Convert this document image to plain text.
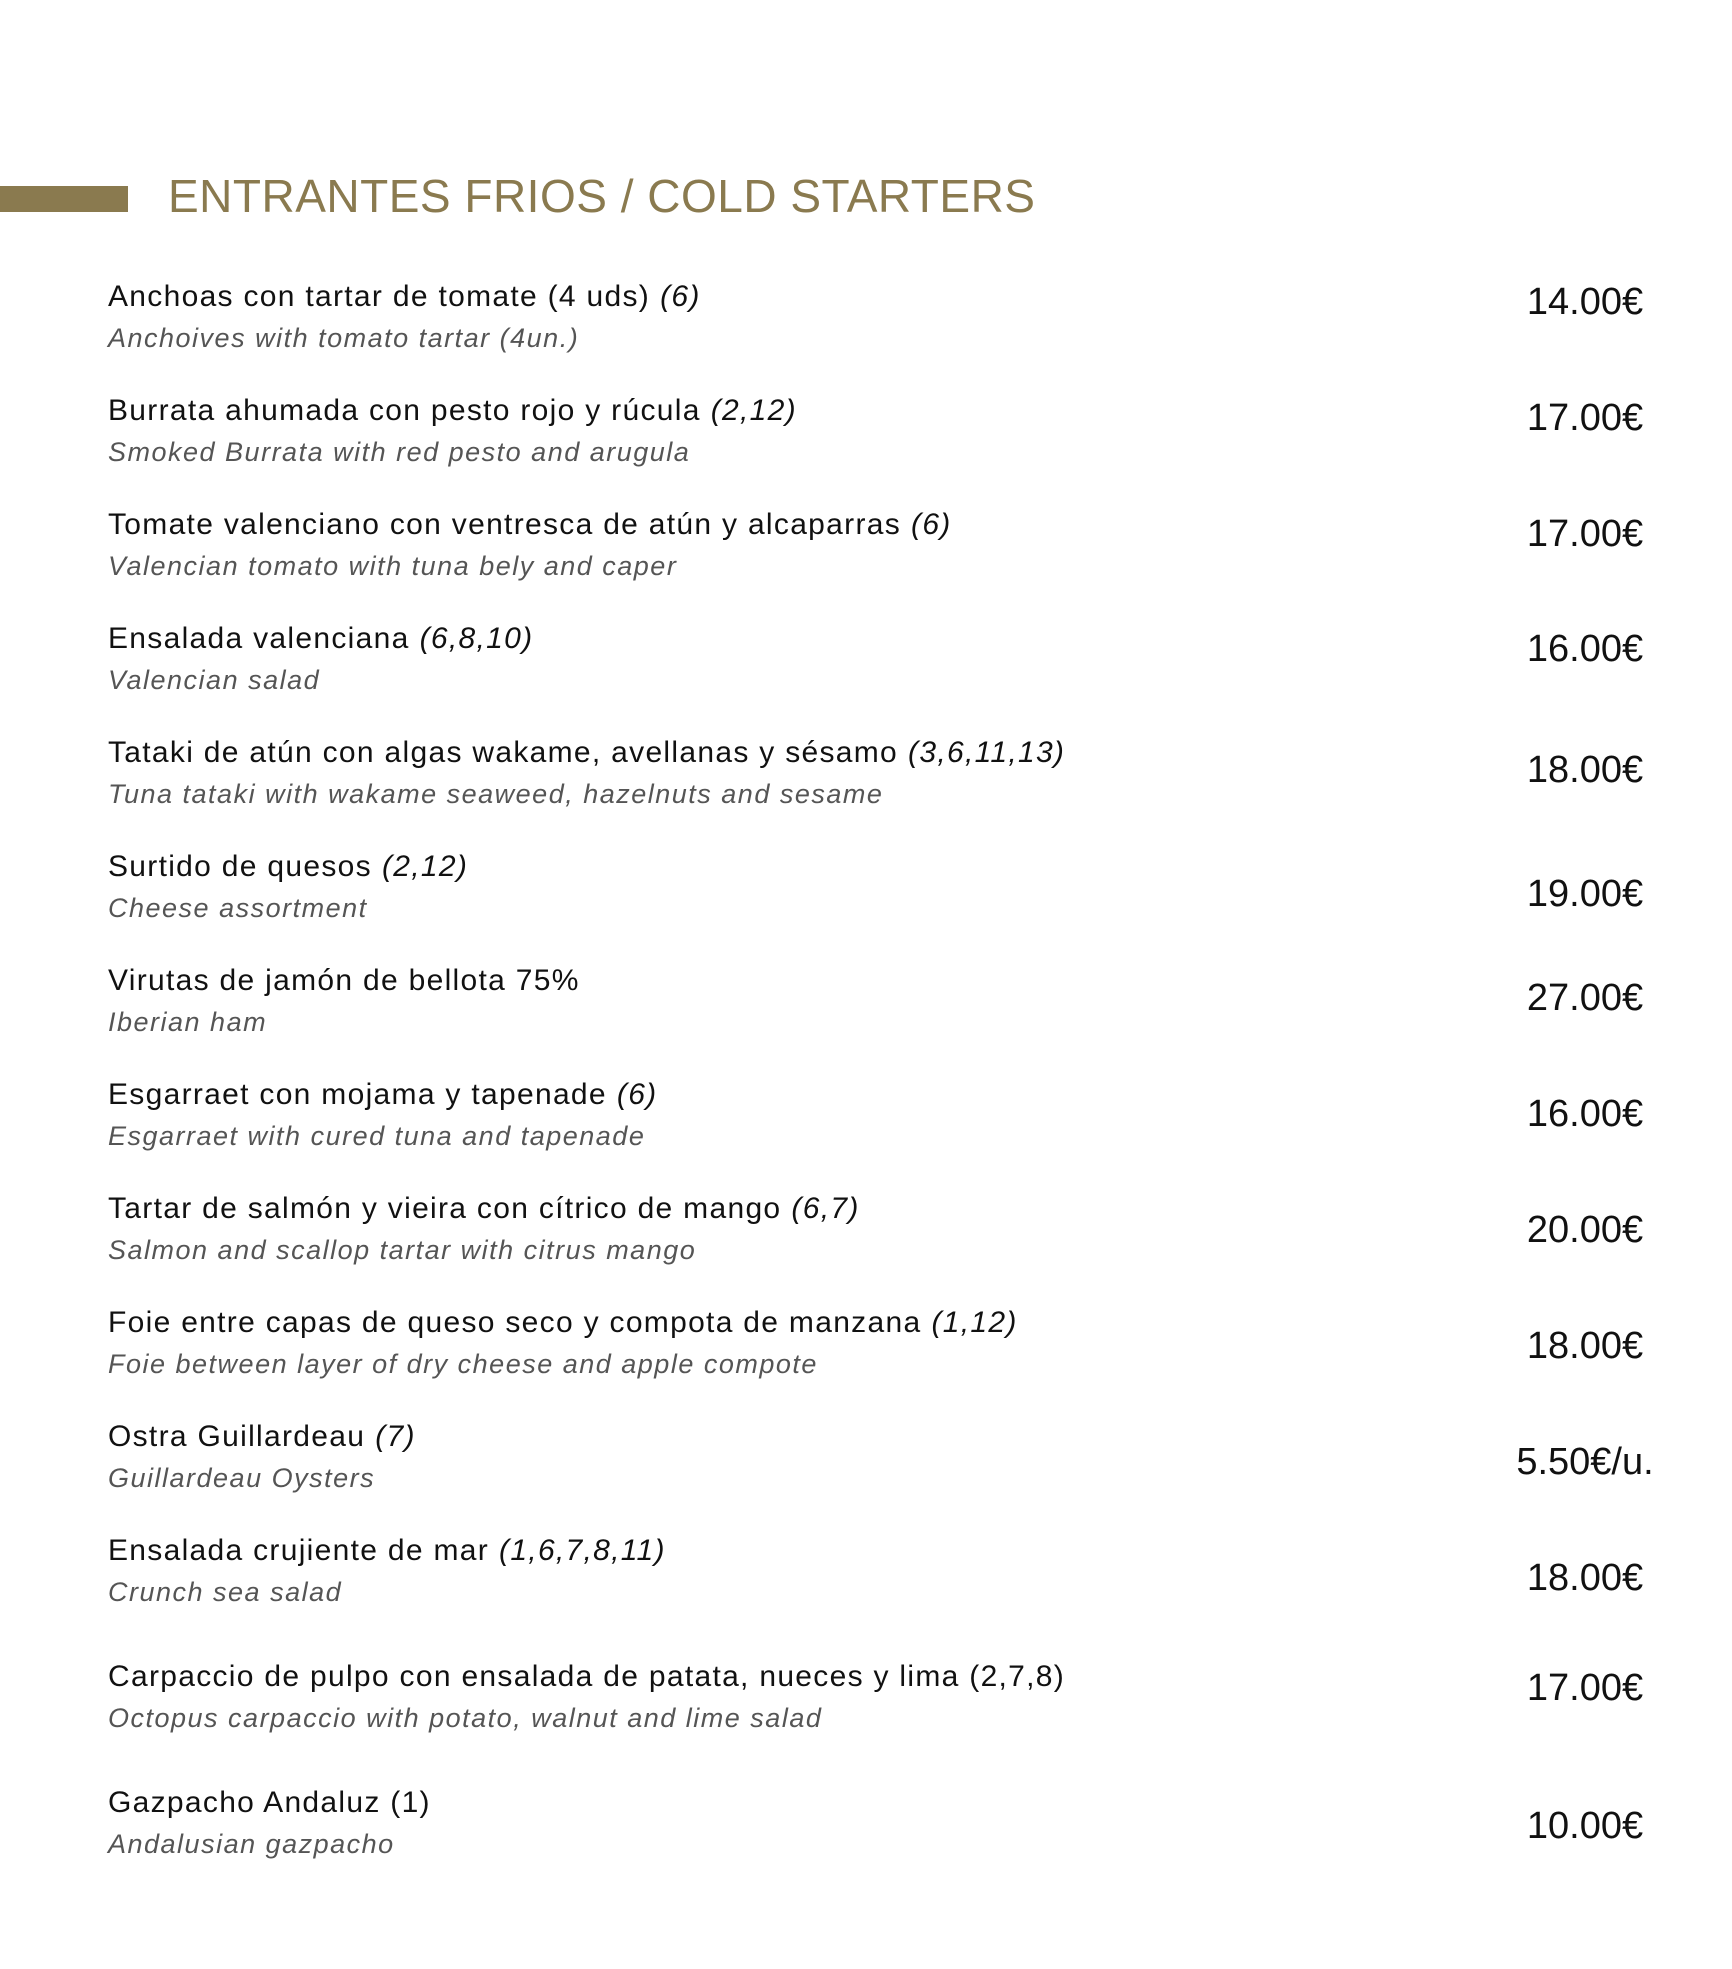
ENTRANTES FRIOS / COLD STARTERS
Anchoas con tartar de tomate (4 uds) (6)
Anchoives with tomato tartar (4un.)
14.00€
Burrata ahumada con pesto rojo y rúcula (2,12)
Smoked Burrata with red pesto and arugula
17.00€
Tomate valenciano con ventresca de atún y alcaparras (6)
Valencian tomato with tuna bely and caper
17.00€
Ensalada valenciana (6,8,10)
Valencian salad
16.00€
Tataki de atún con algas wakame, avellanas y sésamo (3,6,11,13)
Tuna tataki with wakame seaweed, hazelnuts and sesame
18.00€
Surtido de quesos (2,12)
Cheese assortment	19.00€
Virutas de jamón de bellota 75%
Iberian ham
27.00€
Esgarraet con mojama y tapenade (6)
Esgarraet with cured tuna and tapenade
16.00€
Tartar de salmón y vieira con cítrico de mango (6,7)
Salmon and scallop tartar with citrus mango	20.00€
Foie entre capas de queso seco y compota de manzana (1,12)
Foie between layer of dry cheese and apple compote	18.00€
Ostra Guillardeau (7)
Guillardeau Oysters	5.50€/u.
Ensalada crujiente de mar (1,6,7,8,11)
Crunch sea salad	18.00€
Carpaccio de pulpo con ensalada de patata, nueces y lima (2,7,8)
Octopus carpaccio with potato, walnut and lime salad
17.00€
Gazpacho Andaluz (1)
Andalusian gazpacho	10.00€
